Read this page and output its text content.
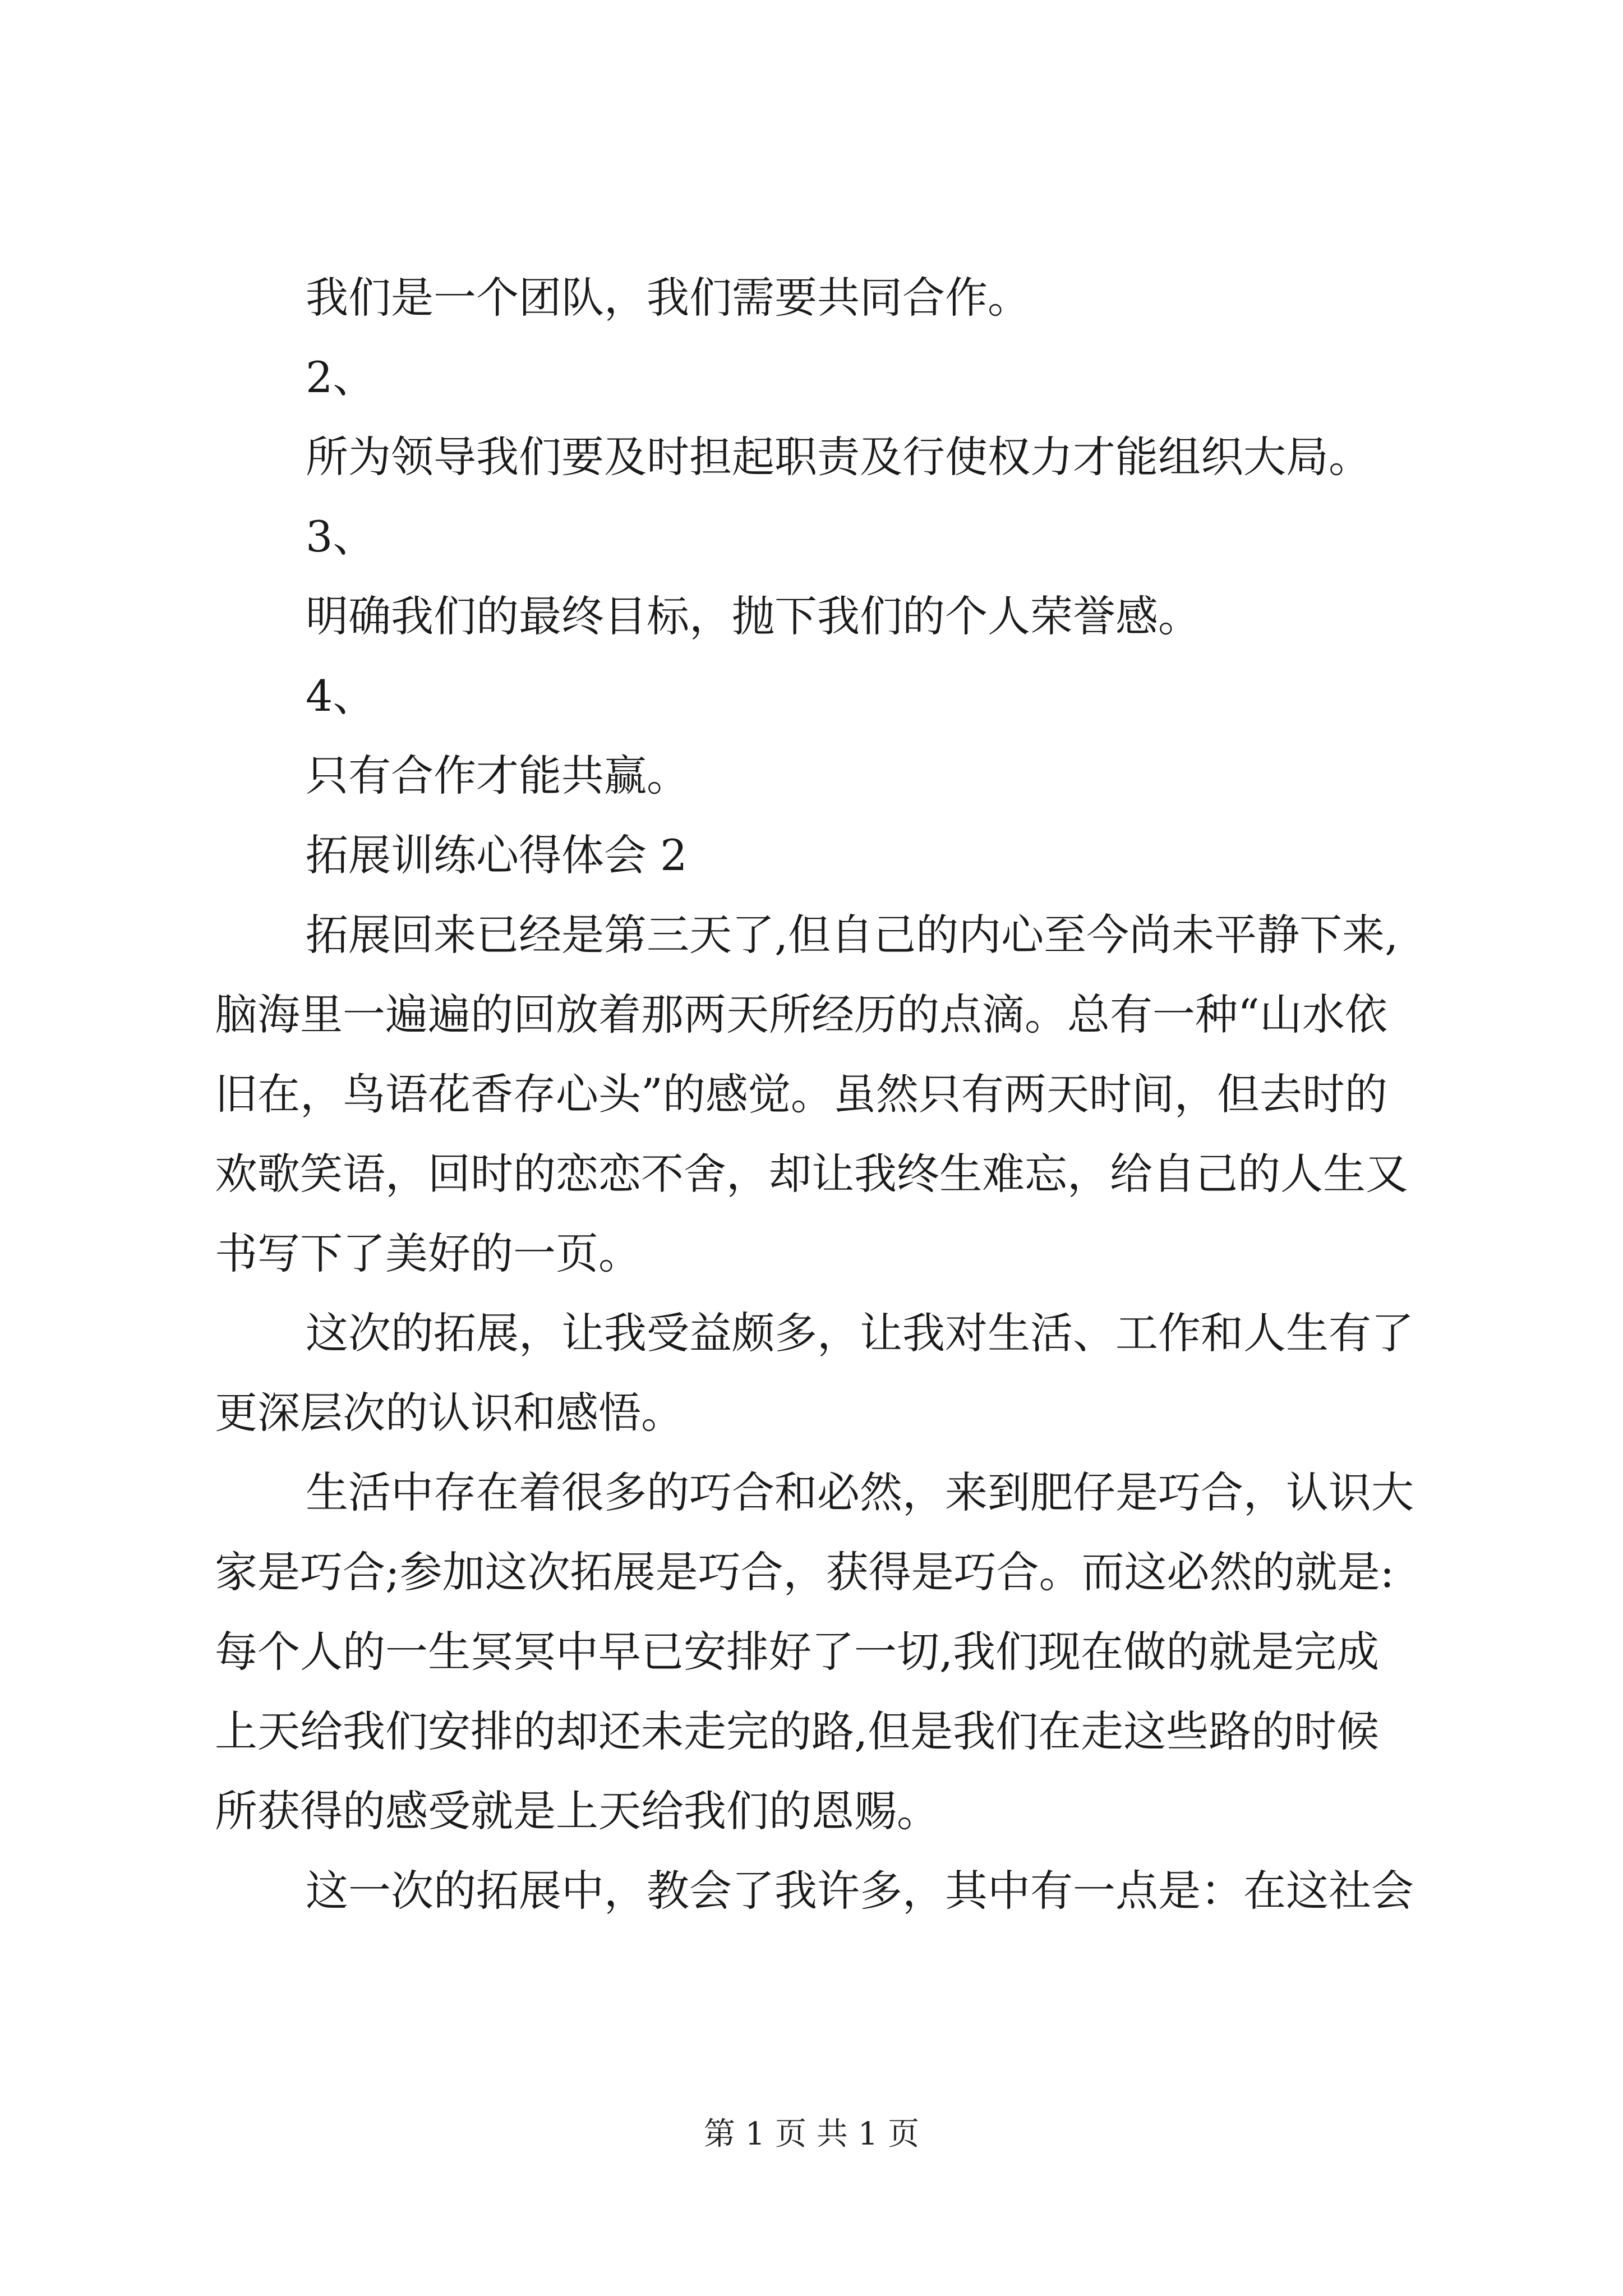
我们是一个团队，我们需要共同合作。
2、
所为领导我们要及时担起职责及行使权力才能组织大局。
3、
明确我们的最终目标，抛下我们的个人荣誉感。
4、
只有合作才能共赢。
拓展训练心得体会 2
拓展回来已经是第三天了,但自己的内心至今尚未平静下来,
脑海里一遍遍的回放着那两天所经历的点滴。总有一种“山水依
旧在，鸟语花香存心头”的感觉。虽然只有两天时间，但去时的
欢歌笑语，回时的恋恋不舍，却让我终生难忘，给自己的人生又
书写下了美好的一页。
这次的拓展，让我受益颇多，让我对生活、工作和人生有了
更深层次的认识和感悟。
生活中存在着很多的巧合和必然，来到肥仔是巧合，认识大
家是巧合;参加这次拓展是巧合，获得是巧合。而这必然的就是:
每个人的一生冥冥中早已安排好了一切,我们现在做的就是完成
上天给我们安排的却还未走完的路,但是我们在走这些路的时候
所获得的感受就是上天给我们的恩赐。
这一次的拓展中，教会了我许多，其中有一点是：在这社会
第 1 页 共 1 页
